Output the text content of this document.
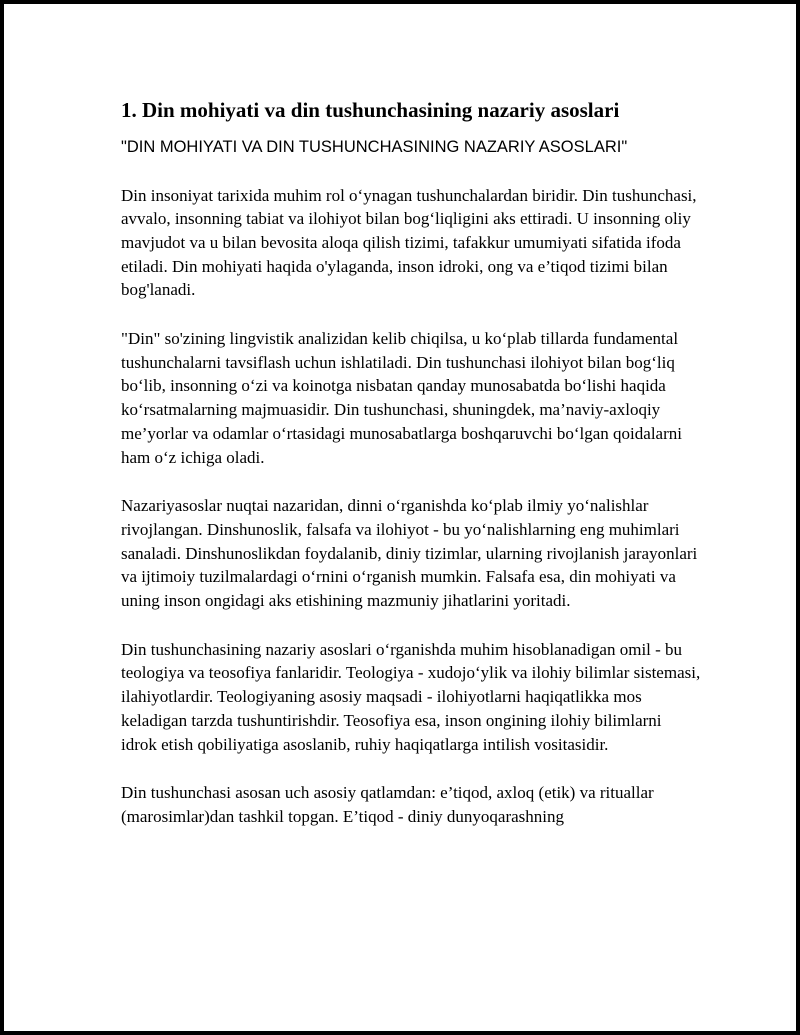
1. Din mohiyati va din tushunchasining nazariy asoslari

"DIN MOHIYATI VA DIN TUSHUNCHASINING NAZARIY ASOSLARI"

Din insoniyat tarixida muhim rol o‘ynagan tushunchalardan biridir. Din tushunchasi, avvalo, insonning tabiat va ilohiyot bilan bog‘liqligini aks ettiradi. U insonning oliy mavjudot va u bilan bevosita aloqa qilish tizimi, tafakkur umumiyati sifatida ifoda etiladi. Din mohiyati haqida o'ylaganda, inson idroki, ong va e’tiqod tizimi bilan bog'lanadi.

"Din" so'zining lingvistik analizidan kelib chiqilsa, u ko‘plab tillarda fundamental tushunchalarni tavsiflash uchun ishlatiladi. Din tushunchasi ilohiyot bilan bog‘liq bo‘lib, insonning o‘zi va koinotga nisbatan qanday munosabatda bo‘lishi haqida ko‘rsatmalarning majmuasidir. Din tushunchasi, shuningdek, ma’naviy-axloqiy me’yorlar va odamlar o‘rtasidagi munosabatlarga boshqaruvchi bo‘lgan qoidalarni ham o‘z ichiga oladi.

Nazariyasoslar nuqtai nazaridan, dinni o‘rganishda ko‘plab ilmiy yo‘nalishlar rivojlangan. Dinshunoslik, falsafa va ilohiyot - bu yo‘nalishlarning eng muhimlari sanaladi. Dinshunoslikdan foydalanib, diniy tizimlar, ularning rivojlanish jarayonlari va ijtimoiy tuzilmalardagi o‘rnini o‘rganish mumkin. Falsafa esa, din mohiyati va uning inson ongidagi aks etishining mazmuniy jihatlarini yoritadi.

Din tushunchasining nazariy asoslari o‘rganishda muhim hisoblanadigan omil - bu teologiya va teosofiya fanlaridir. Teologiya - xudojo‘ylik va ilohiy bilimlar sistemasi, ilahiyotlardir. Teologiyaning asosiy maqsadi - ilohiyotlarni haqiqatlikka mos keladigan tarzda tushuntirishdir. Teosofiya esa, inson ongining ilohiy bilimlarni idrok etish qobiliyatiga asoslanib, ruhiy haqiqatlarga intilish vositasidir.

Din tushunchasi asosan uch asosiy qatlamdan: e’tiqod, axloq (etik) va rituallar (marosimlar)dan tashkil topgan. E’tiqod - diniy dunyoqarashning
